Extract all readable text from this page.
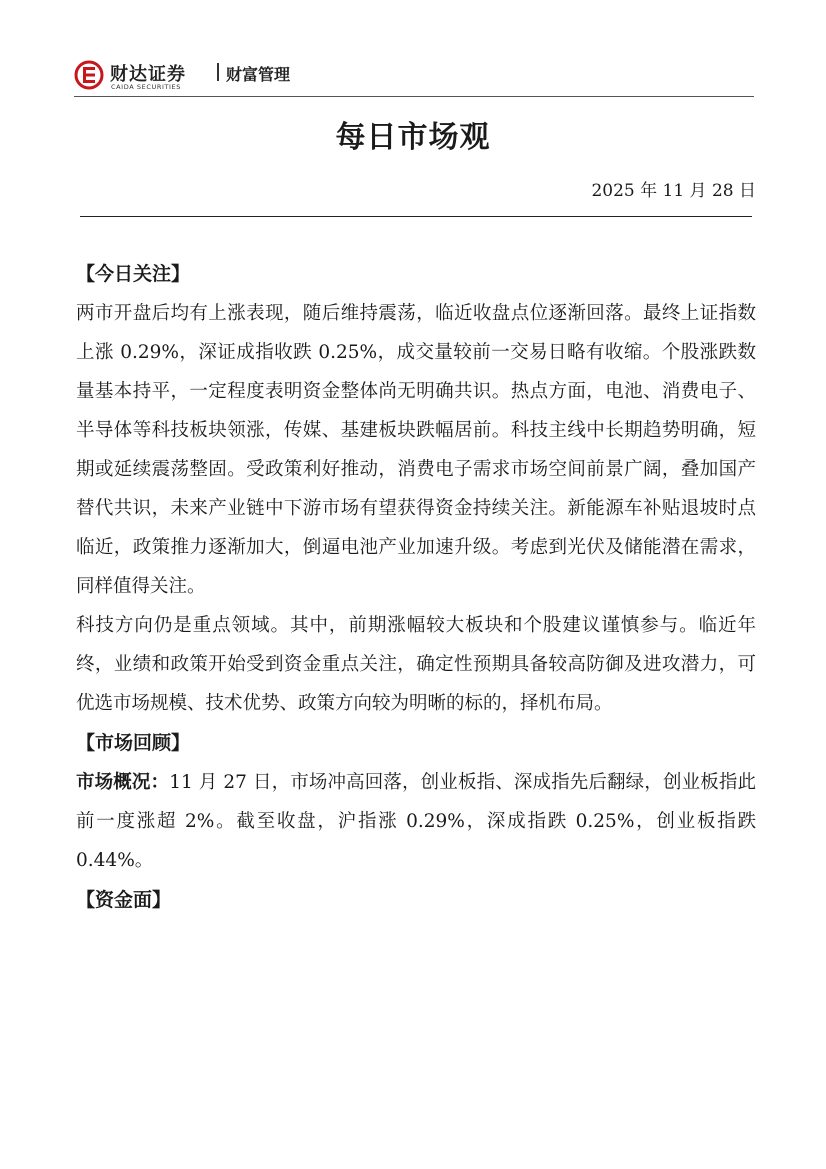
财达证券
CAIDA SECURITIES
财富管理
每日市场观
2025 年 11 月 28 日

【今日关注】

两市开盘后均有上涨表现，随后维持震荡，临近收盘点位逐渐回落。最终上证指数上涨 0.29%，深证成指收跌 0.25%，成交量较前一交易日略有收缩。个股涨跌数量基本持平，一定程度表明资金整体尚无明确共识。热点方面，电池、消费电子、半导体等科技板块领涨，传媒、基建板块跌幅居前。科技主线中长期趋势明确，短期或延续震荡整固。受政策利好推动，消费电子需求市场空间前景广阔，叠加国产替代共识，未来产业链中下游市场有望获得资金持续关注。新能源车补贴退坡时点临近，政策推力逐渐加大，倒逼电池产业加速升级。考虑到光伏及储能潜在需求，同样值得关注。

科技方向仍是重点领域。其中，前期涨幅较大板块和个股建议谨慎参与。临近年终，业绩和政策开始受到资金重点关注，确定性预期具备较高防御及进攻潜力，可优选市场规模、技术优势、政策方向较为明晰的标的，择机布局。

【市场回顾】

市场概况：11 月 27 日，市场冲高回落，创业板指、深成指先后翻绿，创业板指此前一度涨超 2%。截至收盘，沪指涨 0.29%，深成指跌 0.25%，创业板指跌 0.44%。

【资金面】
